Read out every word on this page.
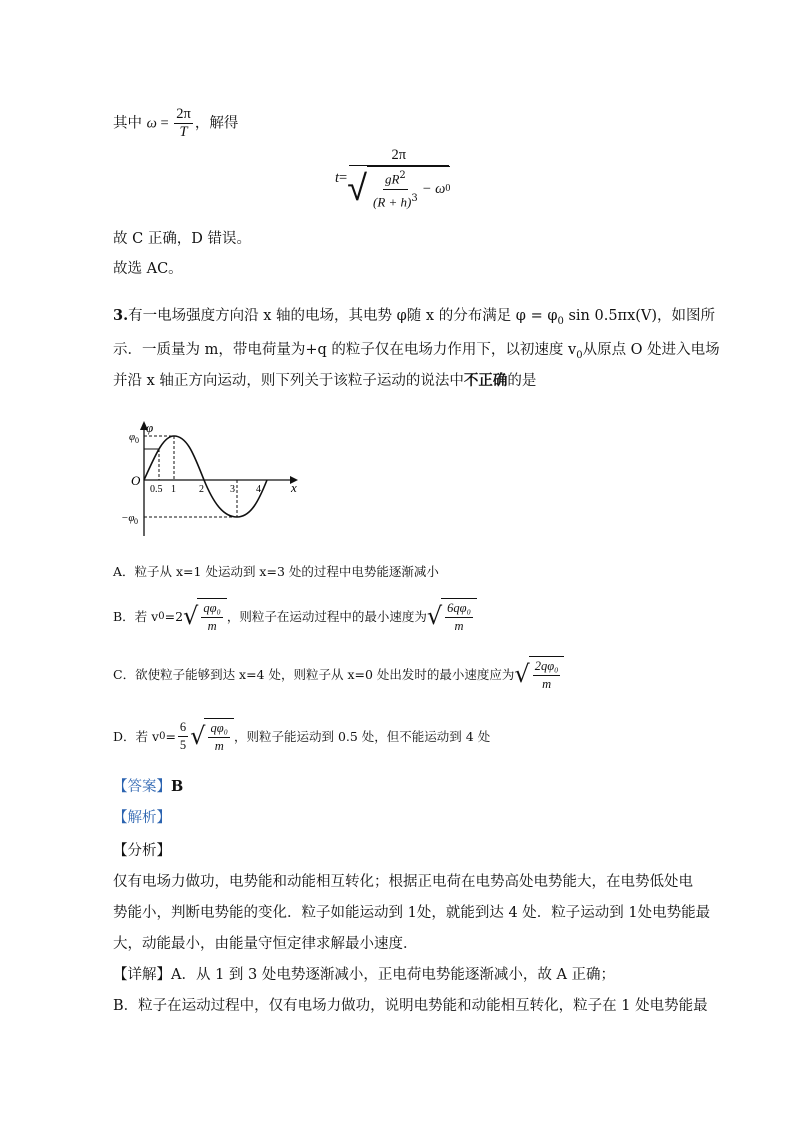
其中 $\omega = \frac{2\pi}{T}$ ，解得
$t = \frac{2\pi}{√ \frac{gR^2}{(R + h)^3} - \omega 0}$
故 C 正确，D 错误。
故选 AC。
3.有一电场强度方向沿 x 轴的电场，其电势 φ随 x 的分布满足 $\varphi = \varphi_0$ sin 0.5πx(V)，如图所
示．一质量为 m，带电荷量为+q 的粒子仅在电场力作用下，以初速度 $v_0$从原点 O 处进入电场
并沿 x 轴正方向运动，则下列关于该粒子运动的说法中不正确的是
φ
x
O
φ 0
−φ 0
0.5 1 2	3 4
A．粒子从 x=1 处运动到 x=3 处的过程中电势能逐渐减小
B．若 v 0 =2 √ $\frac{\text{qφ₀}}{m}$ ，则粒子在运动过程中的最小速度为 √ $\frac{\text{6qφ₀}}{m}$
C．欲使粒子能够到达 x=4 处，则粒子从 x=0 处出发时的最小速度应为 √ $\frac{\text{2qφ₀}}{m}$
D．若 v $0 = \frac{6}{5}$ √ $\frac{\text{qφ₀}}{m}$ ，则粒子能运动到 0.5 处，但不能运动到 4 处
【答案】B
【解析】
【分析】
仅有电场力做功，电势能和动能相互转化；根据正电荷在电势高处电势能大，在电势低处电
势能小，判断电势能的变化．粒子如能运动到 1处，就能到达 4 处．粒子运动到 1处电势能最
大，动能最小，由能量守恒定律求解最小速度．
【详解】A．从 1 到 3 处电势逐渐减小，正电荷电势能逐渐减小，故 A 正确；
B．粒子在运动过程中，仅有电场力做功，说明电势能和动能相互转化，粒子在 1 处电势能最
